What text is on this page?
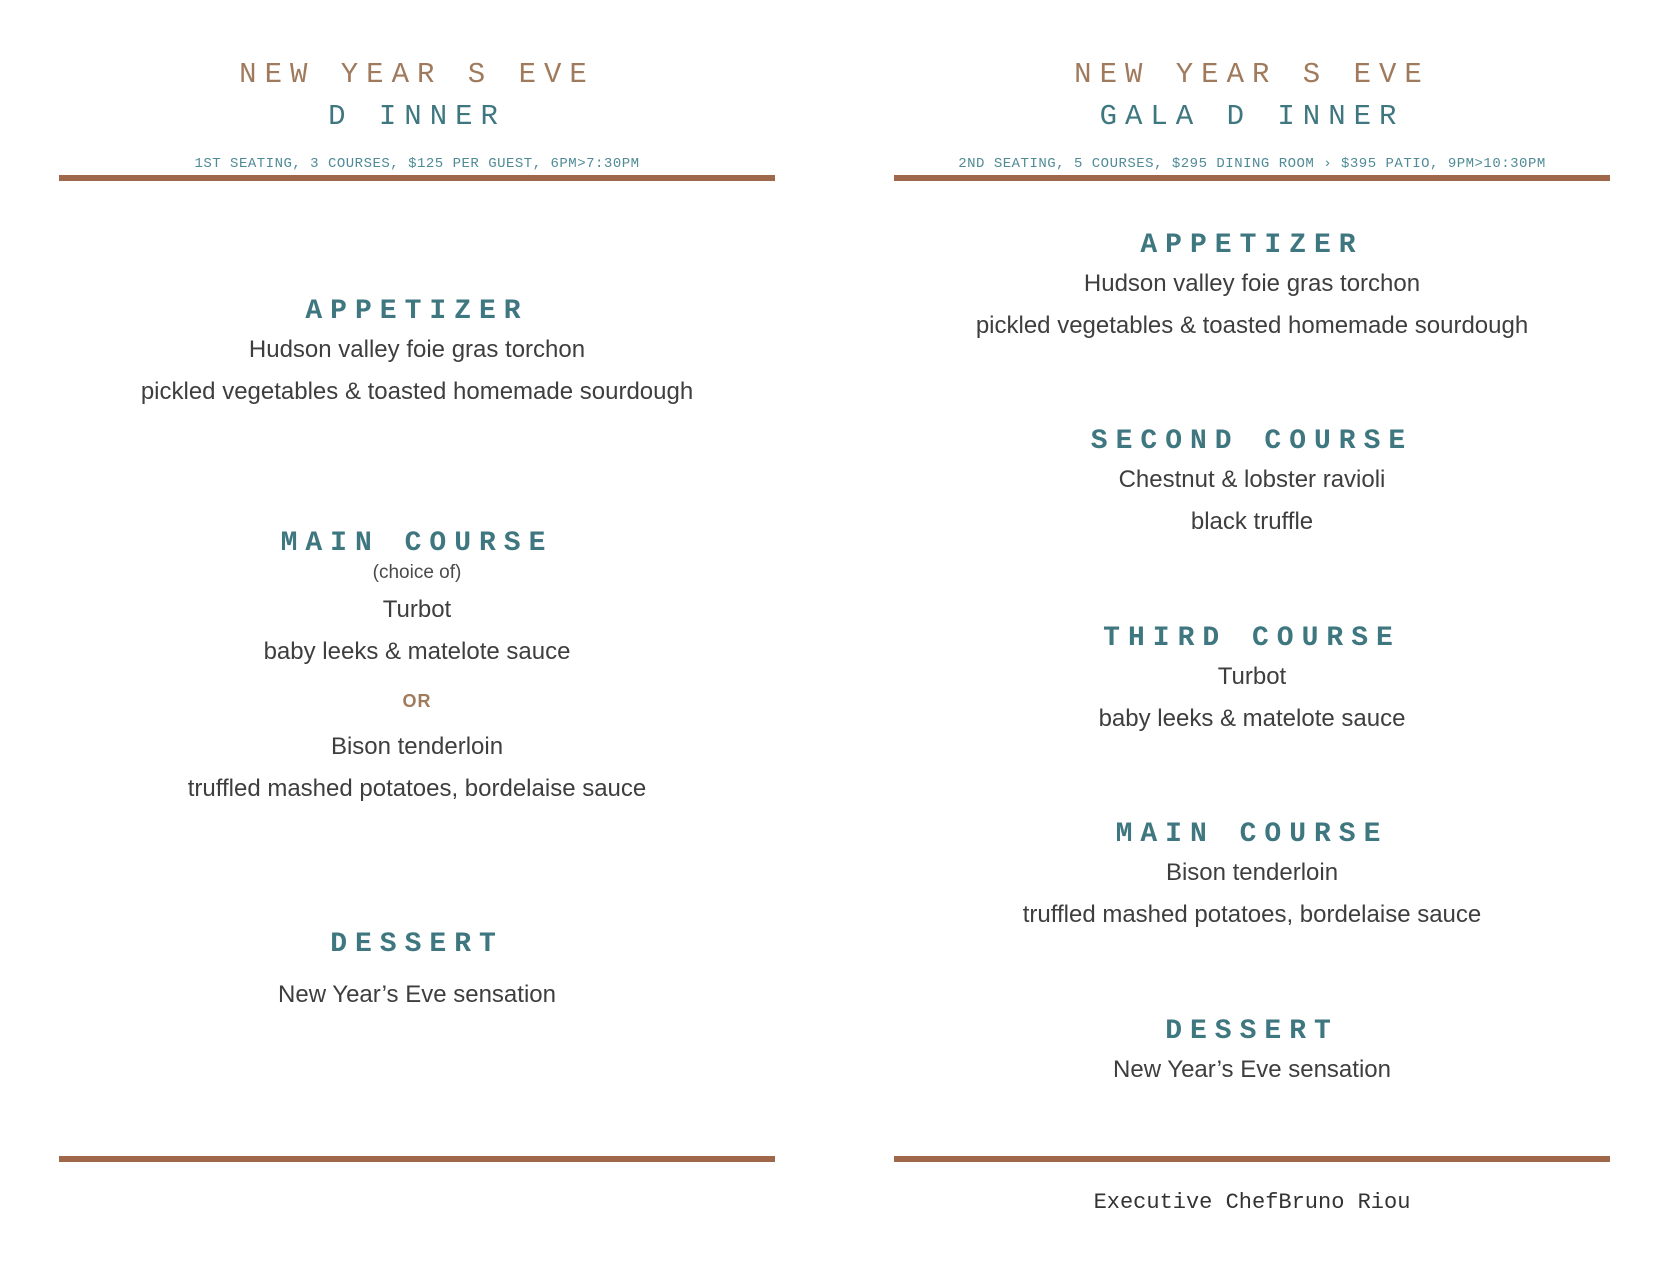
NEW YEAR S EVE
D INNER
1ST SEATING, 3 COURSES, $125 PER GUEST, 6PM>7:30PM
APPETIZER
Hudson valley foie gras torchon
pickled vegetables & toasted homemade sourdough
MAIN COURSE
(choice of)
Turbot
baby leeks & matelote sauce
OR
Bison tenderloin
truffled mashed potatoes, bordelaise sauce
DESSERT
New Year’s Eve sensation
NEW YEAR S EVE
GALA D INNER
2ND SEATING, 5 COURSES, $295 DINING ROOM › $395 PATIO, 9PM>10:30PM
APPETIZER
Hudson valley foie gras torchon
pickled vegetables & toasted homemade sourdough
SECOND COURSE
Chestnut & lobster ravioli
black truffle
THIRD COURSE
Turbot
baby leeks & matelote sauce
MAIN COURSE
Bison tenderloin
truffled mashed potatoes, bordelaise sauce
DESSERT
New Year’s Eve sensation
Executive ChefBruno Riou
